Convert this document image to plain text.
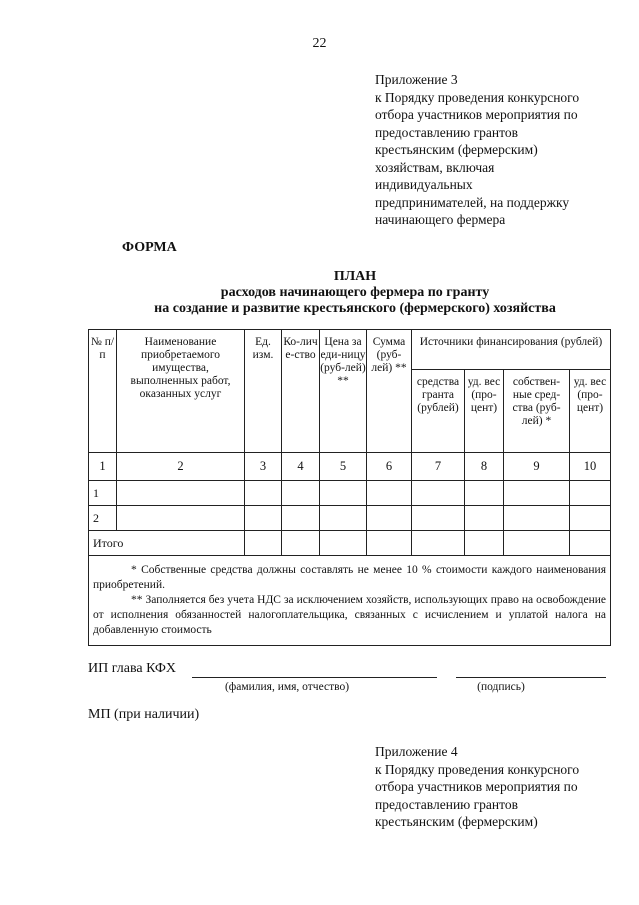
22
Приложение 3
к Порядку проведения конкурсного
отбора участников мероприятия по
предоставлению грантов
крестьянским (фермерским)
хозяйствам, включая
индивидуальных
предпринимателей, на поддержку
начинающего фермера
ФОРМА
ПЛАН
расходов начинающего фермера по гранту
на создание и развитие крестьянского (фермерского) хозяйства
№ п/п	Наименование приобретаемого имущества, выполненных работ, оказанных услуг	Ед. изм.	Ко-личе-ство	Цена за еди-ницу (руб-лей) **	Сумма (руб-лей) **	Источники финансирования (рублей)			
						средства гранта (рублей)	уд. вес (про-цент)	собствен-ные сред-ства (руб-лей) *	уд. вес (про-цент)
1	2	3	4	5	6	7	8	9	10
1									
2									
Итого									

* Собственные средства должны составлять не менее 10 % стоимости каждого наименования приобретений.
** Заполняется без учета НДС за исключением хозяйств, использующих право на освобождение от исполнения обязанностей налогоплательщика, связанных с исчислением и уплатой налога на добавленную стоимость									
ИП глава КФХ
(фамилия, имя, отчество)	(подпись)
МП (при наличии)
Приложение 4
к Порядку проведения конкурсного
отбора участников мероприятия по
предоставлению грантов
крестьянским (фермерским)
